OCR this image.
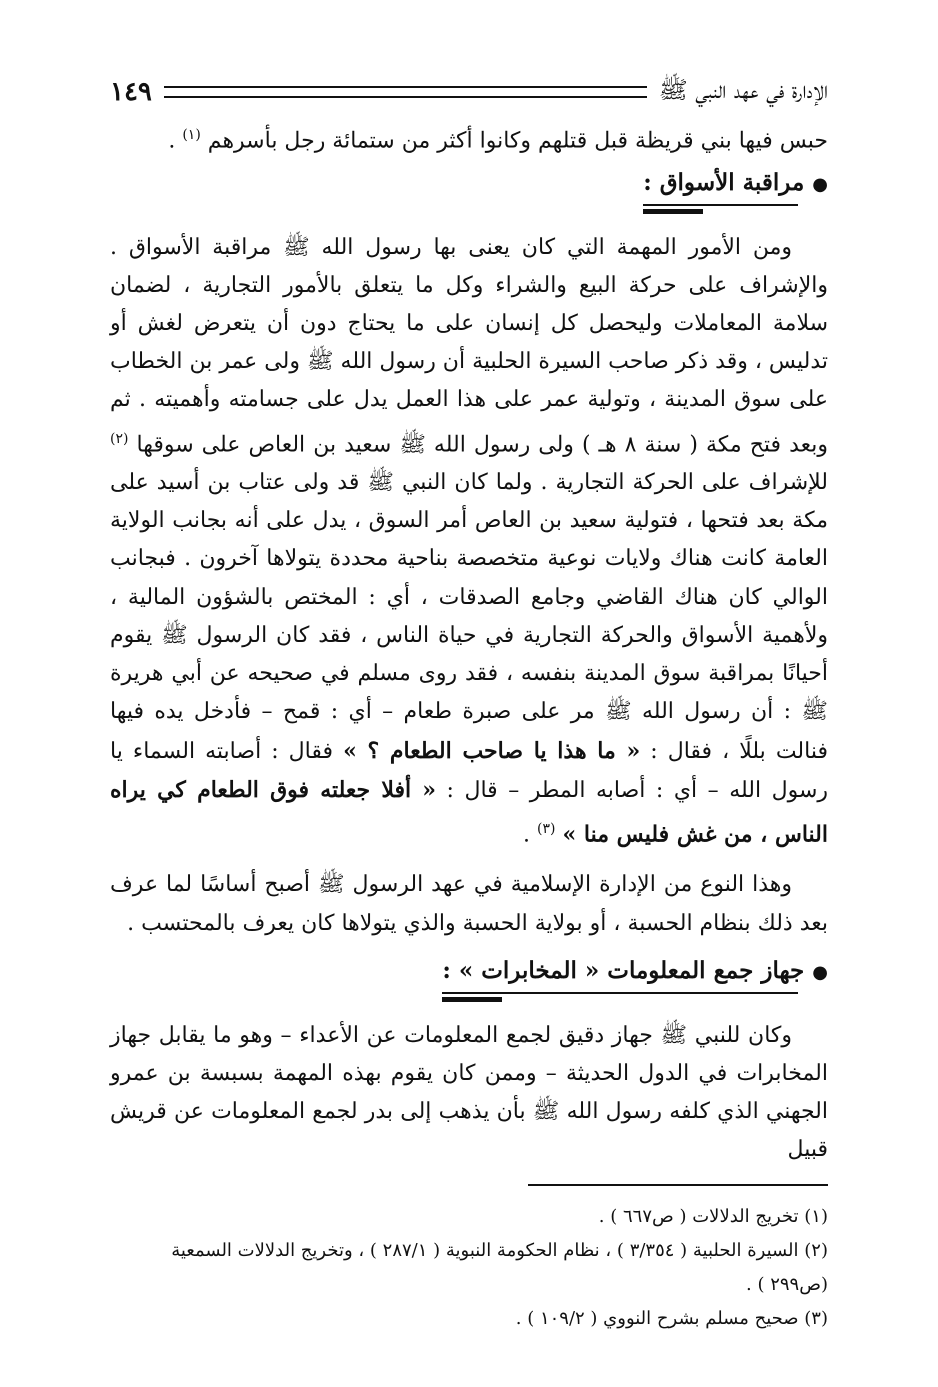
الإدارة في عهد النبي ﷺ
١٤٩

حبس فيها بني قريظة قبل قتلهم وكانوا أكثر من ستمائة رجل بأسرهم $^{(١)}$ .

●مراقبة الأسواق :

ومن الأمور المهمة التي كان يعنى بها رسول الله ﷺ مراقبة الأسواق . والإشراف على حركة البيع والشراء وكل ما يتعلق بالأمور التجارية ، لضمان سلامة المعاملات وليحصل كل إنسان على ما يحتاج دون أن يتعرض لغش أو تدليس ، وقد ذكر صاحب السيرة الحلبية أن رسول الله ﷺ ولى عمر بن الخطاب على سوق المدينة ، وتولية عمر على هذا العمل يدل على جسامته وأهميته . ثم وبعد فتح مكة ( سنة ٨ هـ ) ولى رسول الله ﷺ سعيد بن العاص على سوقها $^{(٢)}$ للإشراف على الحركة التجارية . ولما كان النبي ﷺ قد ولى عتاب بن أسيد على مكة بعد فتحها ، فتولية سعيد بن العاص أمر السوق ، يدل على أنه بجانب الولاية العامة كانت هناك ولايات نوعية متخصصة بناحية محددة يتولاها آخرون . فبجانب الوالي كان هناك القاضي وجامع الصدقات ، أي : المختص بالشؤون المالية ، ولأهمية الأسواق والحركة التجارية في حياة الناس ، فقد كان الرسول ﷺ يقوم أحيانًا بمراقبة سوق المدينة بنفسه ، فقد روى مسلم في صحيحه عن أبي هريرة ﷺ : أن رسول الله ﷺ مر على صبرة طعام – أي : قمح – فأدخل يده فيها فنالت بللًا ، فقال : « ما هذا يا صاحب الطعام ؟ » فقال : أصابته السماء يا رسول الله – أي : أصابه المطر – قال : « أفلا جعلته فوق الطعام كي يراه الناس ، من غش فليس منا » $^{(٣)}$ .

وهذا النوع من الإدارة الإسلامية في عهد الرسول ﷺ أصبح أساسًا لما عرف بعد ذلك بنظام الحسبة ، أو بولاية الحسبة والذي يتولاها كان يعرف بالمحتسب .

●جهاز جمع المعلومات « المخابرات » :

وكان للنبي ﷺ جهاز دقيق لجمع المعلومات عن الأعداء – وهو ما يقابل جهاز المخابرات في الدول الحديثة – وممن كان يقوم بهذه المهمة بسبسة بن عمرو الجهني الذي كلفه رسول الله ﷺ بأن يذهب إلى بدر لجمع المعلومات عن قريش قبيل

(١) تخريج الدلالات ( ص٦٦٧ ) .

(٢) السيرة الحلبية ( ٣/٣٥٤ ) ، نظام الحكومة النبوية ( ٢٨٧/١ ) ، وتخريج الدلالات السمعية (ص٢٩٩ ) .

(٣) صحيح مسلم بشرح النووي ( ١٠٩/٢ ) .
